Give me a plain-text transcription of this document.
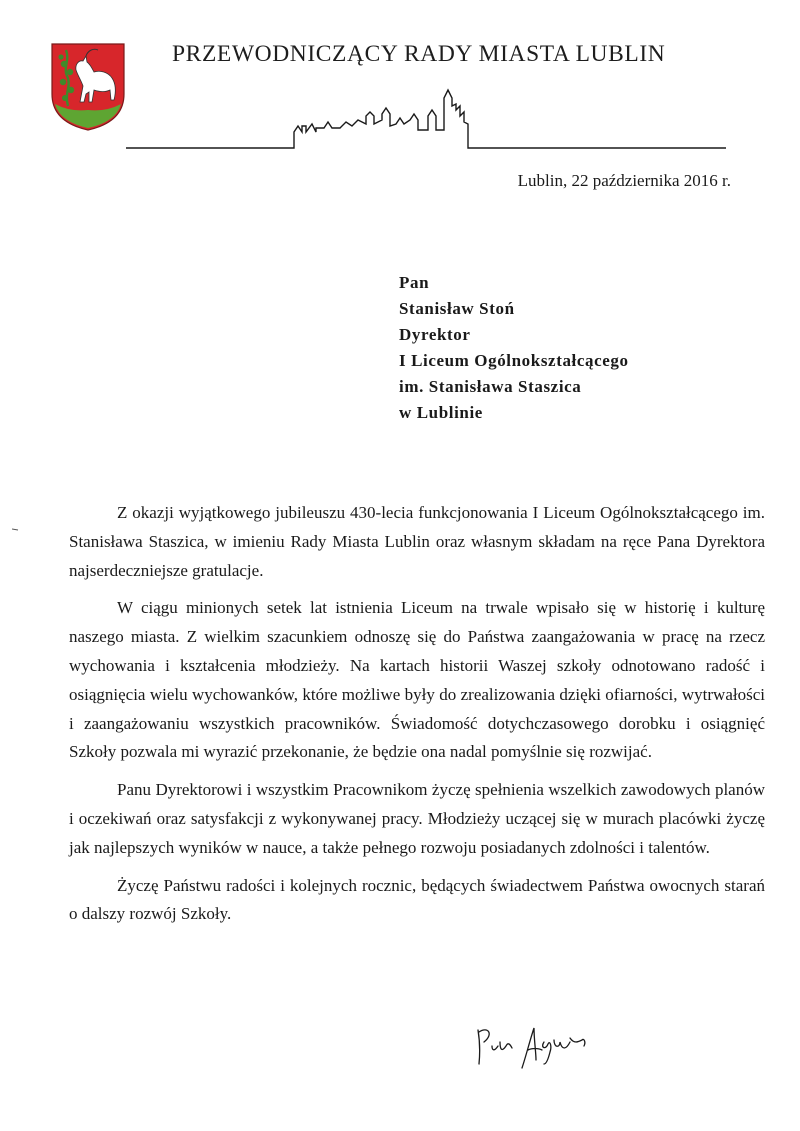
PRZEWODNICZĄCY RADY MIASTA LUBLIN
Lublin, 22 października 2016 r.
Pan
Stanisław Stoń
Dyrektor
I Liceum Ogólnokształcącego
im. Stanisława Staszica
w Lublinie

Z okazji wyjątkowego jubileuszu 430-lecia funkcjonowania I Liceum Ogólnokształcącego im. Stanisława Staszica, w imieniu Rady Miasta Lublin oraz własnym składam na ręce Pana Dyrektora najserdeczniejsze gratulacje.

W ciągu minionych setek lat istnienia Liceum na trwale wpisało się w historię i kulturę naszego miasta. Z wielkim szacunkiem odnoszę się do Państwa zaangażowania w pracę na rzecz wychowania i kształcenia młodzieży. Na kartach historii Waszej szkoły odnotowano radość i osiągnięcia wielu wychowanków, które możliwe były do zrealizowania dzięki ofiarności, wytrwałości i zaangażowaniu wszystkich pracowników. Świadomość dotychczasowego dorobku i osiągnięć Szkoły pozwala mi wyrazić przekonanie, że będzie ona nadal pomyślnie się rozwijać.

Panu Dyrektorowi i wszystkim Pracownikom życzę spełnienia wszelkich zawodowych planów i oczekiwań oraz satysfakcji z wykonywanej pracy. Młodzieży uczącej się w murach placówki życzę jak najlepszych wyników w nauce, a także pełnego rozwoju posiadanych zdolności i talentów.

Życzę Państwu radości i kolejnych rocznic, będących świadectwem Państwa owocnych starań o dalszy rozwój Szkoły.
